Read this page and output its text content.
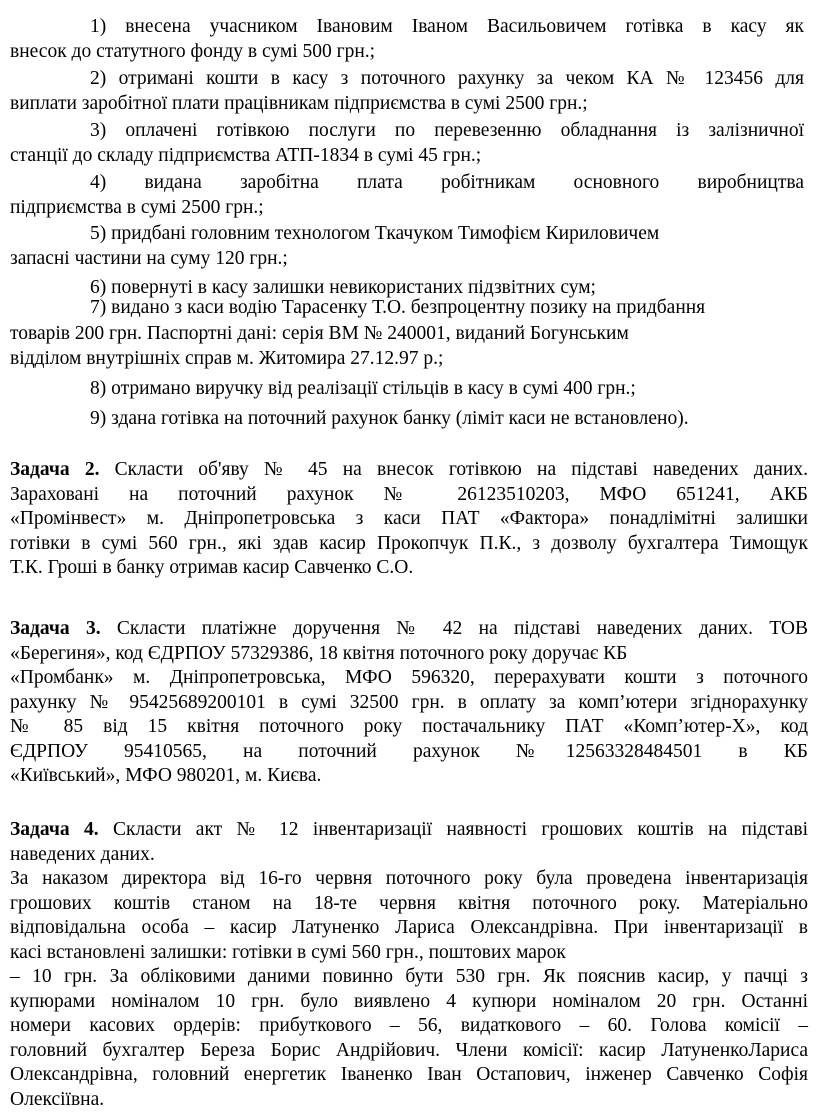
1) внесена учасником Івановим Іваном Васильовичем готівка в касу як

внесок до статутного фонду в сумі 500 грн.;

2) отримані кошти в касу з поточного рахунку за чеком КА № 123456 для

виплати заробітної плати працівникам підприємства в сумі 2500 грн.;

3) оплачені готівкою послуги по перевезенню обладнання із залізничної

станції до складу підприємства АТП-1834 в сумі 45 грн.;

4) видана заробітна плата робітникам основного виробництва

підприємства в сумі 2500 грн.;

5) придбані головним технологом Ткачуком Тимофієм Кириловичем

запасні частини на суму 120 грн.;

6) повернуті в касу залишки невикористаних підзвітних сум;

7) видано з каси водію Тарасенку Т.О. безпроцентну позику на придбання

товарів 200 грн. Паспортні дані: серія ВМ № 240001, виданий Богунським

відділом внутрішніх справ м. Житомира 27.12.97 р.;

8) отримано виручку від реалізації стільців в касу в сумі 400 грн.;

9) здана готівка на поточний рахунок банку (ліміт каси не встановлено).

Задача 2. Скласти об'яву № 45 на внесок готівкою на підставі наведених даних.
Зараховані на поточний рахунок № 26123510203, МФО 651241, АКБ
«Промінвест» м. Дніпропетровська з каси ПАТ «Фактора» понадлімітні залишки
готівки в сумі 560 грн., які здав касир Прокопчук П.К., з дозволу бухгалтера Тимощук
Т.К. Гроші в банку отримав касир Савченко С.О.
Задача 3. Скласти платіжне доручення № 42 на підставі наведених даних. ТОВ
«Берегиня», код ЄДРПОУ 57329386, 18 квітня поточного року доручає КБ
«Промбанк» м. Дніпропетровська, МФО 596320, перерахувати кошти з поточного
рахунку № 95425689200101 в сумі 32500 грн. в оплату за комп’ютери згіднорахунку
№ 85 від 15 квітня поточного року постачальнику ПАТ «Комп’ютер-Х», код
ЄДРПОУ 95410565, на поточний рахунок №12563328484501 в КБ
«Київський», МФО 980201, м. Києва.
Задача 4. Скласти акт № 12 інвентаризації наявності грошових коштів на підставі
наведених даних.
За наказом директора від 16-го червня поточного року була проведена інвентаризація
грошових коштів станом на 18-те червня квітня поточного року. Матеріально
відповідальна особа – касир Латуненко Лариса Олександрівна. При інвентаризації в
касі встановлені залишки: готівки в сумі 560 грн., поштових марок
– 10 грн. За обліковими даними повинно бути 530 грн. Як пояснив касир, у пачці з
купюрами номіналом 10 грн. було виявлено 4 купюри номіналом 20 грн. Останні
номери касових ордерів: прибуткового – 56, видаткового – 60. Голова комісії –
головний бухгалтер Береза Борис Андрійович. Члени комісії: касир ЛатуненкоЛариса
Олександрівна, головний енергетик Іваненко Іван Остапович, інженер Савченко Софія
Олексіївна.
